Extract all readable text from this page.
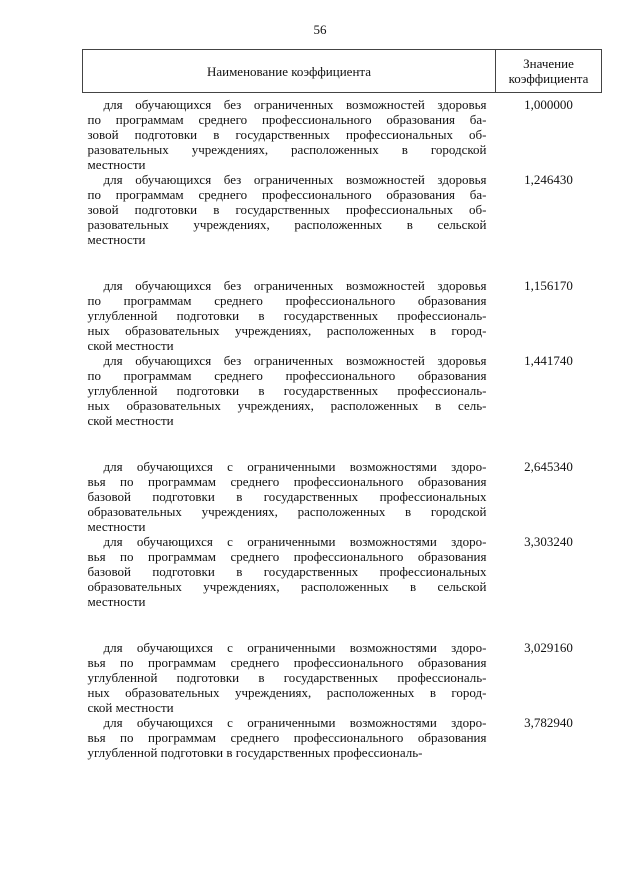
56
Наименование коэффициента	Значение
коэффициента

для обучающихся без ограниченных возможностей здоровья
по программам среднего профессионального образования ба-
зовой подготовки в государственных профессиональных об-
разовательных учреждениях, расположенных в городской
местности	1,000000

для обучающихся без ограниченных возможностей здоровья
по программам среднего профессионального образования ба-
зовой подготовки в государственных профессиональных об-
разовательных учреждениях, расположенных в сельской
местности	1,246430

для обучающихся без ограниченных возможностей здоровья
по программам среднего профессионального образования
углубленной подготовки в государственных профессиональ-
ных образовательных учреждениях, расположенных в город-
ской местности	1,156170

для обучающихся без ограниченных возможностей здоровья
по программам среднего профессионального образования
углубленной подготовки в государственных профессиональ-
ных образовательных учреждениях, расположенных в сель-
ской местности	1,441740

для обучающихся с ограниченными возможностями здоро-
вья по программам среднего профессионального образования
базовой подготовки в государственных профессиональных
образовательных учреждениях, расположенных в городской
местности	2,645340

для обучающихся с ограниченными возможностями здоро-
вья по программам среднего профессионального образования
базовой подготовки в государственных профессиональных
образовательных учреждениях, расположенных в сельской
местности	3,303240

для обучающихся с ограниченными возможностями здоро-
вья по программам среднего профессионального образования
углубленной подготовки в государственных профессиональ-
ных образовательных учреждениях, расположенных в город-
ской местности	3,029160

для обучающихся с ограниченными возможностями здоро-
вья по программам среднего профессионального образования
углубленной подготовки в государственных профессиональ-	3,782940
